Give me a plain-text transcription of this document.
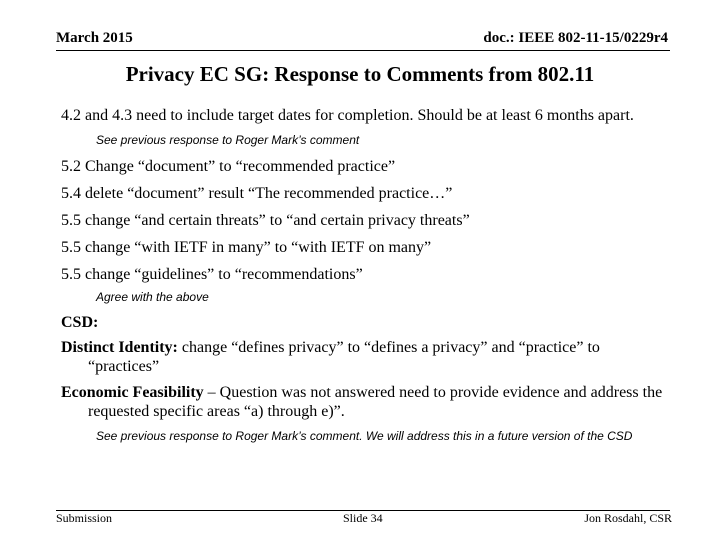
March 2015	doc.: IEEE 802-11-15/0229r4
Privacy EC SG: Response to Comments from 802.11
4.2 and 4.3 need to include target dates for completion. Should be at least 6 months apart.
See previous response to Roger Mark’s comment
5.2 Change “document” to “recommended practice”
5.4 delete “document” result “The recommended practice…”
5.5 change “and certain threats” to “and certain privacy threats”
5.5 change “with IETF in many” to “with IETF on many”
5.5 change “guidelines” to “recommendations”
Agree with the above
CSD:
Distinct Identity: change “defines privacy” to “defines a privacy” and “practice” to “practices”
Economic Feasibility – Question was not answered need to provide evidence and address the requested specific areas “a) through e)”.
See previous response to Roger Mark’s comment. We will address this in a future version of the CSD
Submission	Slide 34	Jon Rosdahl, CSR
